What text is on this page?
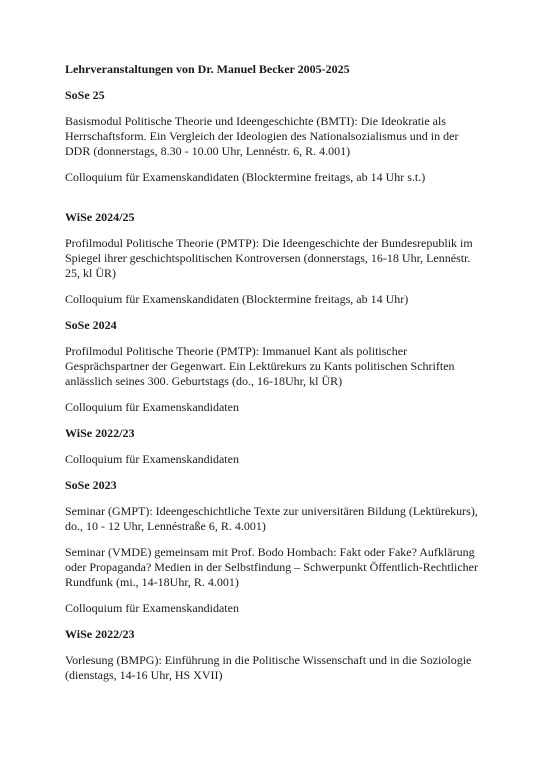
Lehrveranstaltungen von Dr. Manuel Becker 2005-2025
SoSe 25
Basismodul Politische Theorie und Ideengeschichte (BMTI): Die Ideokratie als Herrschaftsform. Ein Vergleich der Ideologien des Nationalsozialismus und in der DDR (donnerstags, 8.30 - 10.00 Uhr, Lennéstr. 6, R. 4.001)
Colloquium für Examenskandidaten (Blocktermine freitags, ab 14 Uhr s.t.)
WiSe 2024/25
Profilmodul Politische Theorie (PMTP): Die Ideengeschichte der Bundesrepublik im Spiegel ihrer geschichtspolitischen Kontroversen (donnerstags, 16-18 Uhr, Lennéstr. 25, kl ÜR)
Colloquium für Examenskandidaten (Blocktermine freitags, ab 14 Uhr)
SoSe 2024
Profilmodul Politische Theorie (PMTP): Immanuel Kant als politischer Gesprächspartner der Gegenwart. Ein Lektürekurs zu Kants politischen Schriften anlässlich seines 300. Geburtstags (do., 16-18Uhr, kl ÜR)
Colloquium für Examenskandidaten
WiSe 2022/23
Colloquium für Examenskandidaten
SoSe 2023
Seminar (GMPT): Ideengeschichtliche Texte zur universitären Bildung (Lektürekurs), do., 10 - 12 Uhr, Lennéstraße 6, R. 4.001)
Seminar (VMDE) gemeinsam mit Prof. Bodo Hombach: Fakt oder Fake? Aufklärung oder Propaganda? Medien in der Selbstfindung – Schwerpunkt Öffentlich-Rechtlicher Rundfunk (mi., 14-18Uhr, R. 4.001)
Colloquium für Examenskandidaten
WiSe 2022/23
Vorlesung (BMPG): Einführung in die Politische Wissenschaft und in die Soziologie (dienstags, 14-16 Uhr, HS XVII)
